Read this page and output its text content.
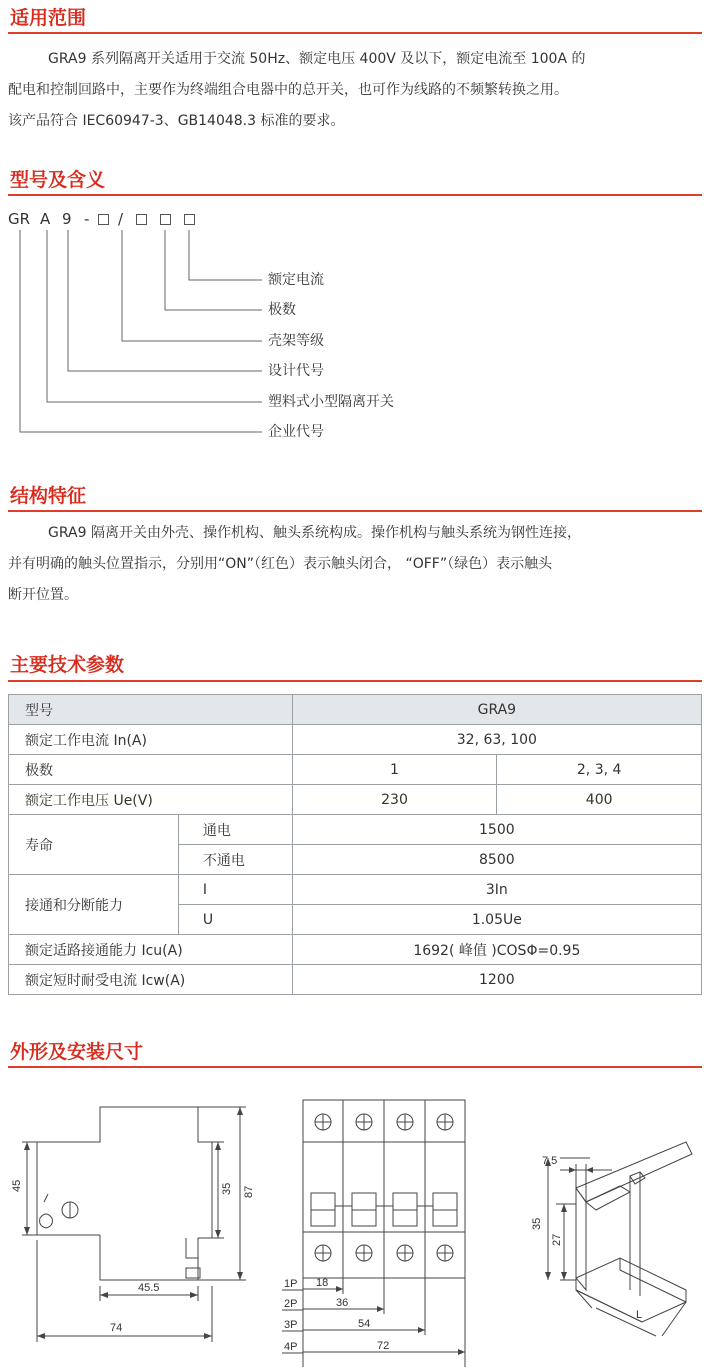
适用范围

GRA9 系列隔离开关适用于交流 50Hz、额定电压 400V 及以下，额定电流至 100A 的

配电和控制回路中，主要作为终端组合电器中的总开关，也可作为线路的不频繁转换之用。

该产品符合 IEC60947-3、GB14048.3 标准的要求。

型号及含义
GR A 9 - /
额定电流
极数
壳架等级
设计代号
塑料式小型隔离开关
企业代号
结构特征

GRA9 隔离开关由外壳、操作机构、触头系统构成。操作机构与触头系统为钢性连接，

并有明确的触头位置指示，分别用“ON”（红色）表示触头闭合， “OFF”（绿色）表示触头

断开位置。

主要技术参数
型号		GRA9	
额定工作电流 In(A)		32, 63, 100	
极数		1	2, 3, 4
额定工作电压 Ue(V)		230	400
寿命	通电	1500	
	不通电	8500	
接通和分断能力	I	3In	
	U	1.05Ue	
额定适路接通能力 Icu(A)		1692( 峰值 )COSΦ=0.95	
额定短时耐受电流 Icw(A)		1200	
外形及安装尺寸
45	35 87
45.5
74
1P
2P
3P
4P
18
36
54
72
7.5
35
27
L
